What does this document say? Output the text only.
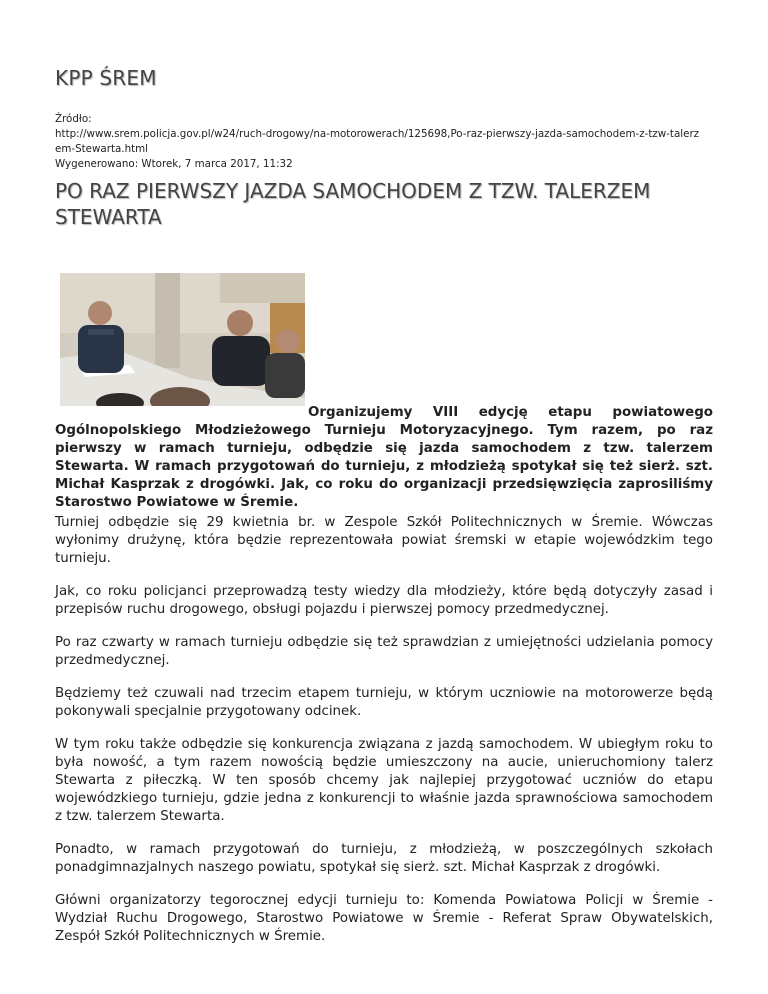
KPP ŚREM
Źródło:
http://www.srem.policja.gov.pl/w24/ruch-drogowy/na-motorowerach/125698,Po-raz-pierwszy-jazda-samochodem-z-tzw-talerz
em-Stewarta.html
Wygenerowano: Wtorek, 7 marca 2017, 11:32
PO RAZ PIERWSZY JAZDA SAMOCHODEM Z TZW. TALERZEM STEWARTA

Organizujemy VIII edycję etapu powiatowego Ogólnopolskiego Młodzieżowego Turnieju Motoryzacyjnego. Tym razem, po raz pierwszy w ramach turnieju, odbędzie się jazda samochodem z tzw. talerzem Stewarta. W ramach przygotowań do turnieju, z młodzieżą spotykał się też sierż. szt. Michał Kasprzak z drogówki. Jak, co roku do organizacji przedsięwzięcia zaprosiliśmy Starostwo Powiatowe w Śremie.

Turniej odbędzie się 29 kwietnia br. w Zespole Szkół Politechnicznych w Śremie. Wówczas wyłonimy drużynę, która będzie reprezentowała powiat śremski w etapie wojewódzkim tego turnieju.

Jak, co roku policjanci przeprowadzą testy wiedzy dla młodzieży, które będą dotyczyły zasad i przepisów ruchu drogowego, obsługi pojazdu i pierwszej pomocy przedmedycznej.

Po raz czwarty w ramach turnieju odbędzie się też sprawdzian z umiejętności udzielania pomocy przedmedycznej.

Będziemy też czuwali nad trzecim etapem turnieju, w którym uczniowie na motorowerze będą pokonywali specjalnie przygotowany odcinek.

W tym roku także odbędzie się konkurencja związana z jazdą samochodem. W ubiegłym roku to była nowość, a tym razem nowością będzie umieszczony na aucie, unieruchomiony talerz Stewarta z piłeczką. W ten sposób chcemy jak najlepiej przygotować uczniów do etapu wojewódzkiego turnieju, gdzie jedna z konkurencji to właśnie jazda sprawnościowa samochodem z tzw. talerzem Stewarta.

Ponadto, w ramach przygotowań do turnieju, z młodzieżą, w poszczególnych szkołach ponadgimnazjalnych naszego powiatu, spotykał się sierż. szt. Michał Kasprzak z drogówki.

Główni organizatorzy tegorocznej edycji turnieju to: Komenda Powiatowa Policji w Śremie - Wydział Ruchu Drogowego, Starostwo Powiatowe w Śremie - Referat Spraw Obywatelskich, Zespół Szkół Politechnicznych w Śremie.
